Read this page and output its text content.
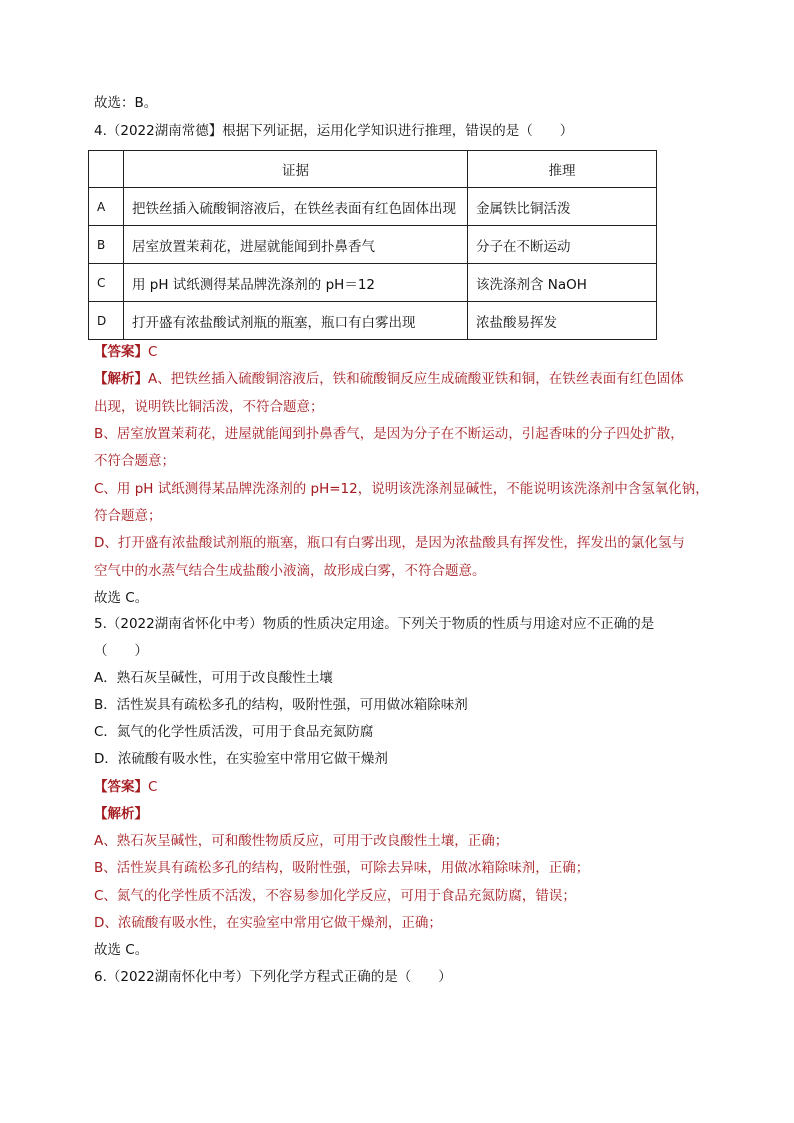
故选：B。
4.（2022湖南常德】根据下列证据，运用化学知识进行推理，错误的是（　　）
	证据	推理
A	把铁丝插入硫酸铜溶液后，在铁丝表面有红色固体出现	金属铁比铜活泼
B	居室放置茉莉花，进屋就能闻到扑鼻香气	分子在不断运动
C	用 pH 试纸测得某品牌洗涤剂的 pH＝12	该洗涤剂含 NaOH
D	打开盛有浓盐酸试剂瓶的瓶塞，瓶口有白雾出现	浓盐酸易挥发
【答案】C
【解析】A、把铁丝插入硫酸铜溶液后，铁和硫酸铜反应生成硫酸亚铁和铜，在铁丝表面有红色固体
出现，说明铁比铜活泼，不符合题意；
B、居室放置茉莉花，进屋就能闻到扑鼻香气，是因为分子在不断运动，引起香味的分子四处扩散，
不符合题意；
C、用 pH 试纸测得某品牌洗涤剂的 pH=12，说明该洗涤剂显碱性，不能说明该洗涤剂中含氢氧化钠，
符合题意；
D、打开盛有浓盐酸试剂瓶的瓶塞，瓶口有白雾出现，是因为浓盐酸具有挥发性，挥发出的氯化氢与
空气中的水蒸气结合生成盐酸小液滴，故形成白雾，不符合题意。
故选 C。
5.（2022湖南省怀化中考）物质的性质决定用途。下列关于物质的性质与用途对应不正确的是
（　　）
A．熟石灰呈碱性，可用于改良酸性土壤
B．活性炭具有疏松多孔的结构，吸附性强，可用做冰箱除味剂
C．氮气的化学性质活泼，可用于食品充氮防腐
D．浓硫酸有吸水性，在实验室中常用它做干燥剂
【答案】C
【解析】
A、熟石灰呈碱性，可和酸性物质反应，可用于改良酸性土壤，正确；
B、活性炭具有疏松多孔的结构，吸附性强，可除去异味，用做冰箱除味剂，正确；
C、氮气的化学性质不活泼，不容易参加化学反应，可用于食品充氮防腐，错误；
D、浓硫酸有吸水性，在实验室中常用它做干燥剂，正确；
故选 C。
6.（2022湖南怀化中考）下列化学方程式正确的是（　　）
